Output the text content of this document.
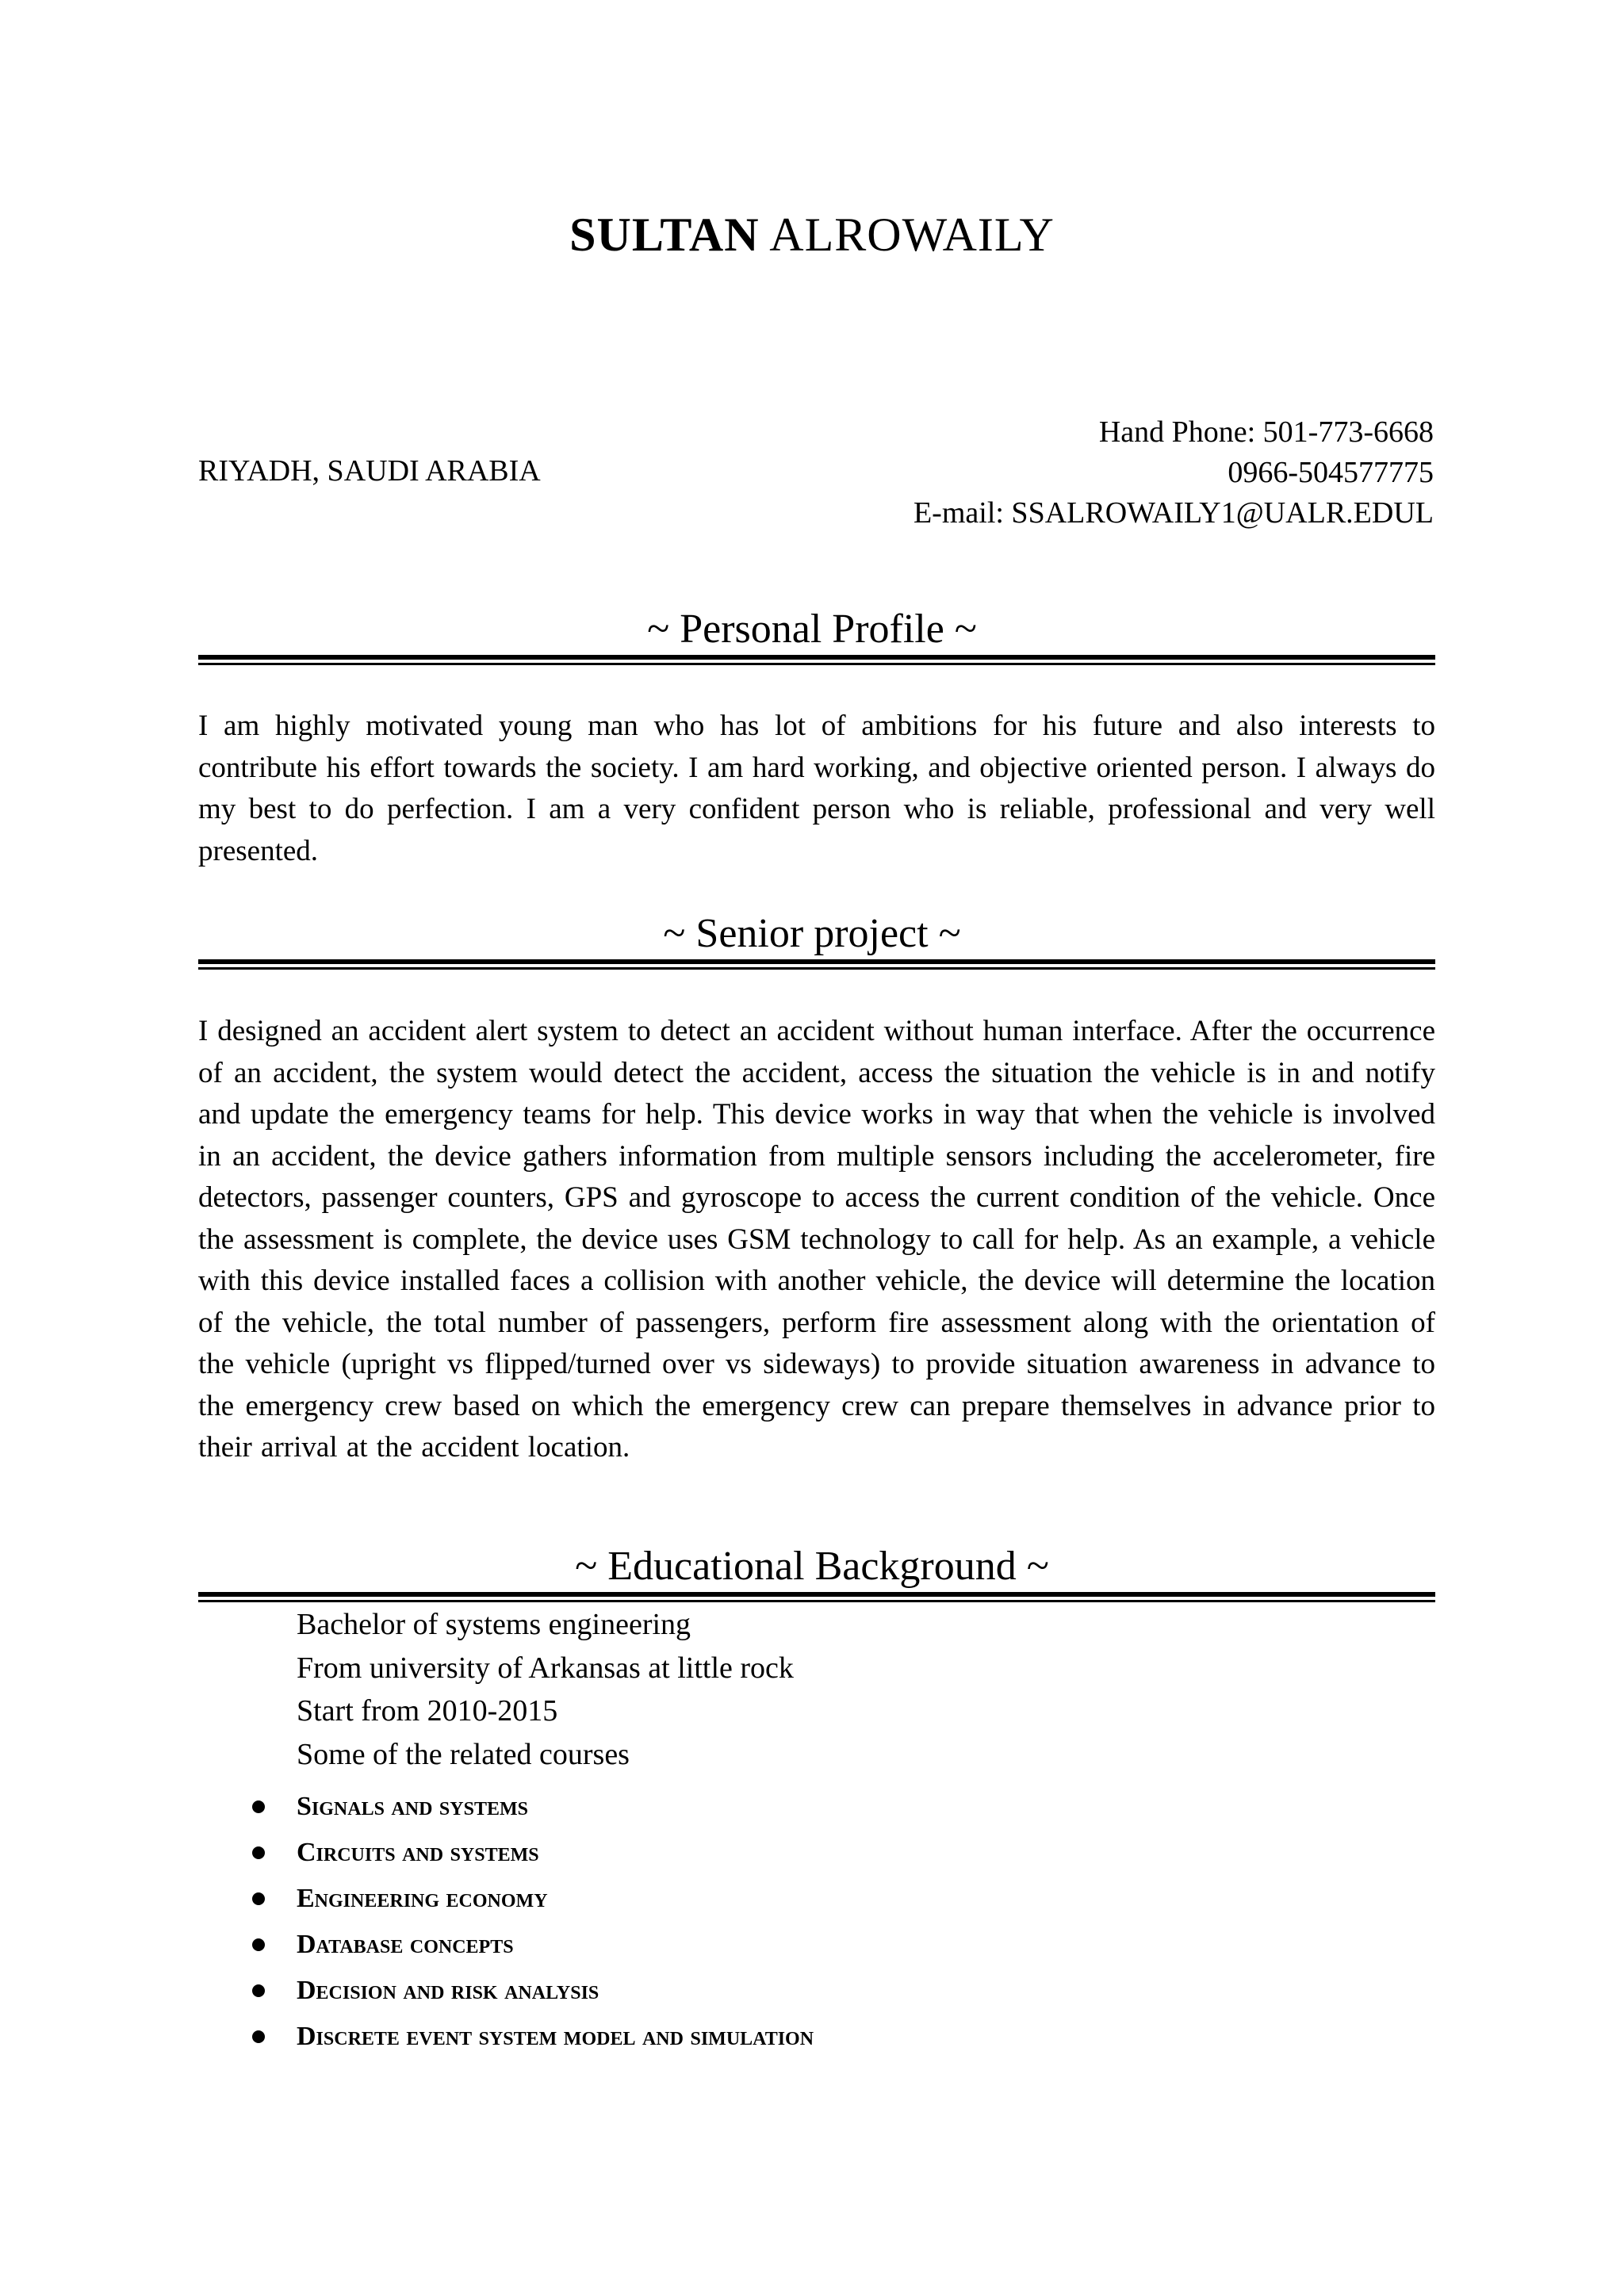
SULTAN ALROWAILY
RIYADH, SAUDI ARABIA
Hand Phone: 501-773-6668
0966-504577775
E-mail: SSALROWAILY1@UALR.EDUL
~ Personal Profile ~
I am highly motivated young man who has lot of ambitions for his future and also interests to contribute his effort towards the society. I am hard working, and objective oriented person. I always do my best to do perfection. I am a very confident person who is reliable, professional and very well presented.
~ Senior project ~
I designed an accident alert system to detect an accident without human interface. After the occurrence of an accident, the system would detect the accident, access the situation the vehicle is in and notify and update the emergency teams for help. This device works in way that when the vehicle is involved in an accident, the device gathers information from multiple sensors including the accelerometer, fire detectors, passenger counters, GPS and gyroscope to access the current condition of the vehicle. Once the assessment is complete, the device uses GSM technology to call for help. As an example, a vehicle with this device installed faces a collision with another vehicle, the device will determine the location of the vehicle, the total number of passengers, perform fire assessment along with the orientation of the vehicle (upright vs flipped/turned over vs sideways) to provide situation awareness in advance to the emergency crew based on which the emergency crew can prepare themselves in advance prior to their arrival at the accident location.
~ Educational Background ~
Bachelor of systems engineering
From university of Arkansas at little rock
Start from 2010-2015
Some of the related courses
Signals and systems
Circuits and systems
Engineering economy
Database concepts
Decision and risk analysis
Discrete event system model and simulation
